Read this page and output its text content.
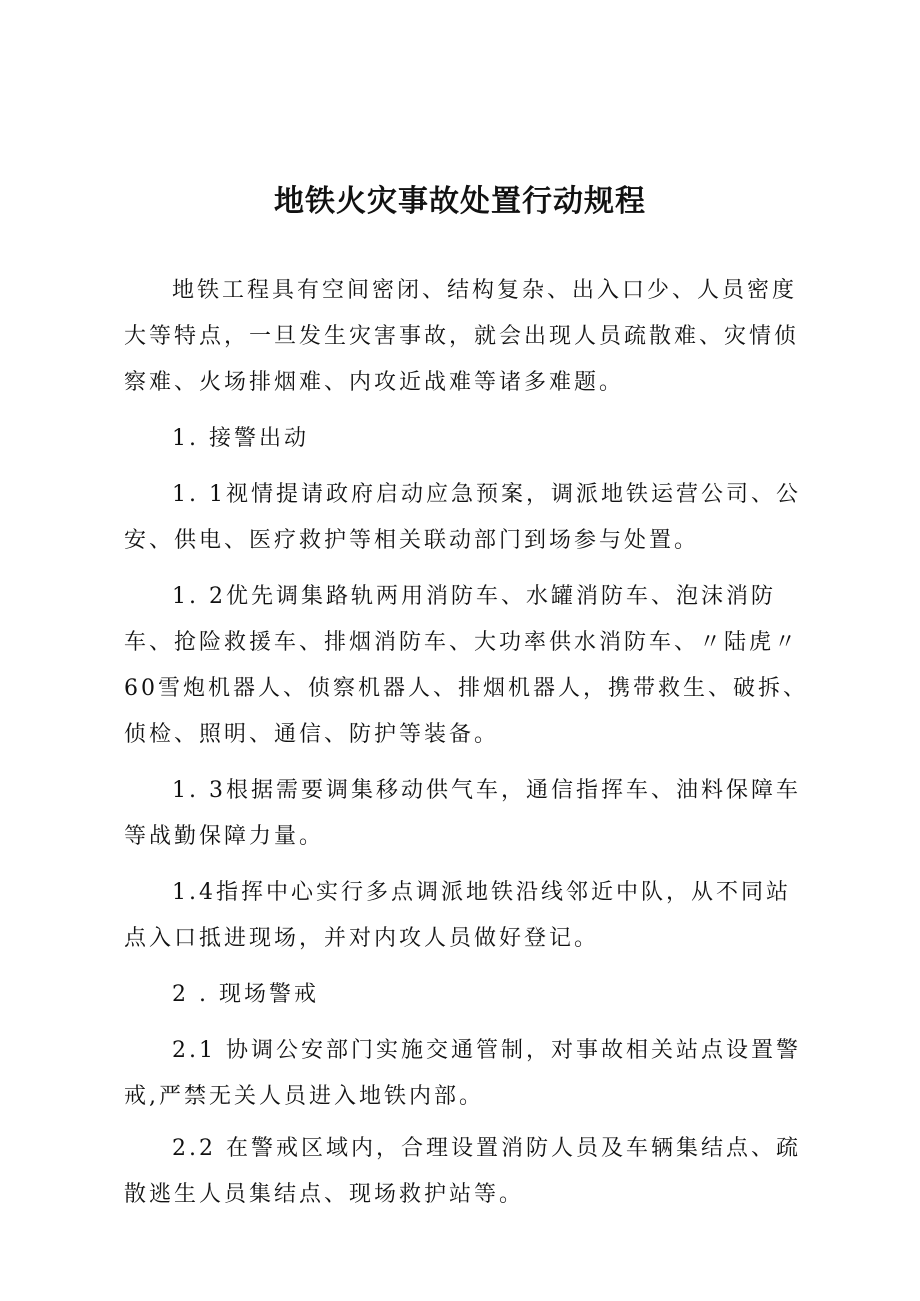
地铁火灾事故处置行动规程

地铁工程具有空间密闭、结构复杂、出入口少、人员密度大等特点，一旦发生灾害事故，就会出现人员疏散难、灾情侦察难、火场排烟难、内攻近战难等诸多难题。

1. 接警出动

1. 1视情提请政府启动应急预案，调派地铁运营公司、公安、供电、医疗救护等相关联动部门到场参与处置。

1. 2优先调集路轨两用消防车、水罐消防车、泡沫消防车、抢险救援车、排烟消防车、大功率供水消防车、〃陆虎〃60雪炮机器人、侦察机器人、排烟机器人，携带救生、破拆、侦检、照明、通信、防护等装备。

1. 3根据需要调集移动供气车，通信指挥车、油料保障车等战勤保障力量。

1.4指挥中心实行多点调派地铁沿线邻近中队，从不同站点入口抵进现场，并对内攻人员做好登记。

2 . 现场警戒

2.1 协调公安部门实施交通管制，对事故相关站点设置警戒,严禁无关人员进入地铁内部。

2.2 在警戒区域内，合理设置消防人员及车辆集结点、疏散逃生人员集结点、现场救护站等。
